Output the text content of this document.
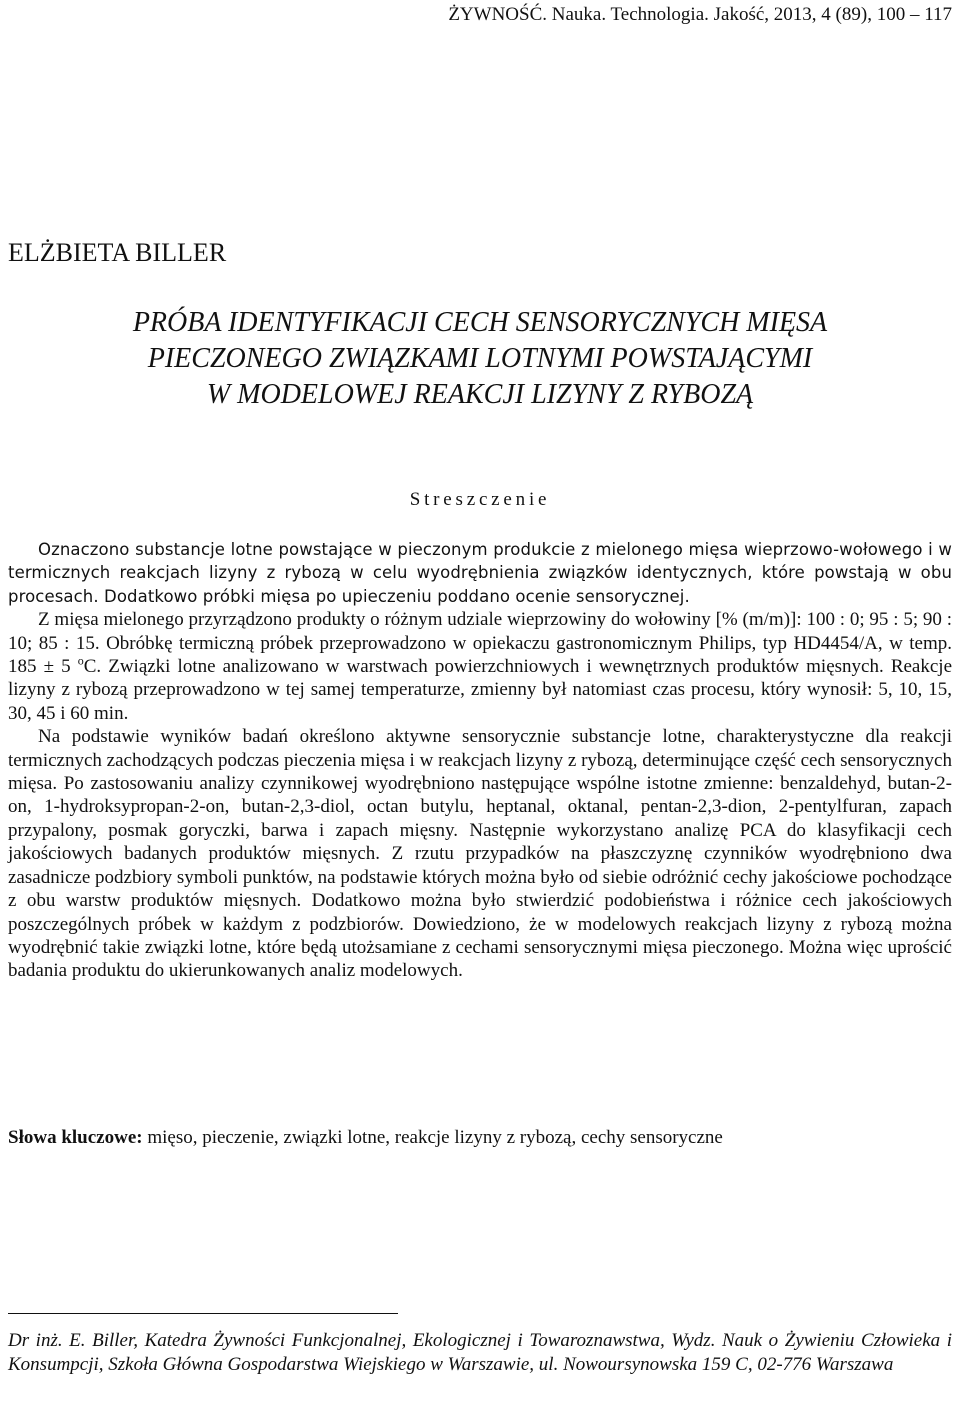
ŻYWNOŚĆ. Nauka. Technologia. Jakość, 2013, 4 (89), 100 – 117
ELŻBIETA BILLER
PRÓBA IDENTYFIKACJI CECH SENSORYCZNYCH MIĘSA
PIECZONEGO ZWIĄZKAMI LOTNYMI POWSTAJĄCYMI
W MODELOWEJ REAKCJI LIZYNY Z RYBOZĄ
Streszczenie

Oznaczono substancje lotne powstające w pieczonym produkcie z mielonego mięsa wieprzowo-wołowego i w termicznych reakcjach lizyny z rybozą w celu wyodrębnienia związków identycznych, które powstają w obu procesach. Dodatkowo próbki mięsa po upieczeniu poddano ocenie sensorycznej.

Z mięsa mielonego przyrządzono produkty o różnym udziale wieprzowiny do wołowiny [% (m/m)]: 100 : 0; 95 : 5; 90 : 10; 85 : 15. Obróbkę termiczną próbek przeprowadzono w opiekaczu gastronomicznym Philips, typ HD4454/A, w temp. 185 ± 5 $^o$C. Związki lotne analizowano w warstwach powierzchniowych i wewnętrznych produktów mięsnych. Reakcje lizyny z rybozą przeprowadzono w tej samej temperaturze, zmienny był natomiast czas procesu, który wynosił: 5, 10, 15, 30, 45 i 60 min.

Na podstawie wyników badań określono aktywne sensorycznie substancje lotne, charakterystyczne dla reakcji termicznych zachodzących podczas pieczenia mięsa i w reakcjach lizyny z rybozą, determinujące część cech sensorycznych mięsa. Po zastosowaniu analizy czynnikowej wyodrębniono następujące wspólne istotne zmienne: benzaldehyd, butan-2-on, 1-hydroksypropan-2-on, butan-2,3-diol, octan butylu, heptanal, oktanal, pentan-2,3-dion, 2-pentylfuran, zapach przypalony, posmak goryczki, barwa i zapach mięsny. Następnie wykorzystano analizę PCA do klasyfikacji cech jakościowych badanych produktów mięsnych. Z rzutu przypadków na płaszczyznę czynników wyodrębniono dwa zasadnicze podzbiory symboli punktów, na podstawie których można było od siebie odróżnić cechy jakościowe pochodzące z obu warstw produktów mięsnych. Dodatkowo można było stwierdzić podobieństwa i różnice cech jakościowych poszczególnych próbek w każdym z podzbiorów. Dowiedziono, że w modelowych reakcjach lizyny z rybozą można wyodrębnić takie związki lotne, które będą utożsamiane z cechami sensorycznymi mięsa pieczonego. Można więc uprościć badania produktu do ukierunkowanych analiz modelowych.

Słowa kluczowe: mięso, pieczenie, związki lotne, reakcje lizyny z rybozą, cechy sensoryczne
Dr inż. E. Biller, Katedra Żywności Funkcjonalnej, Ekologicznej i Towaroznawstwa, Wydz. Nauk o Żywieniu Człowieka i Konsumpcji, Szkoła Główna Gospodarstwa Wiejskiego w Warszawie, ul. Nowoursynowska 159 C, 02-776 Warszawa
